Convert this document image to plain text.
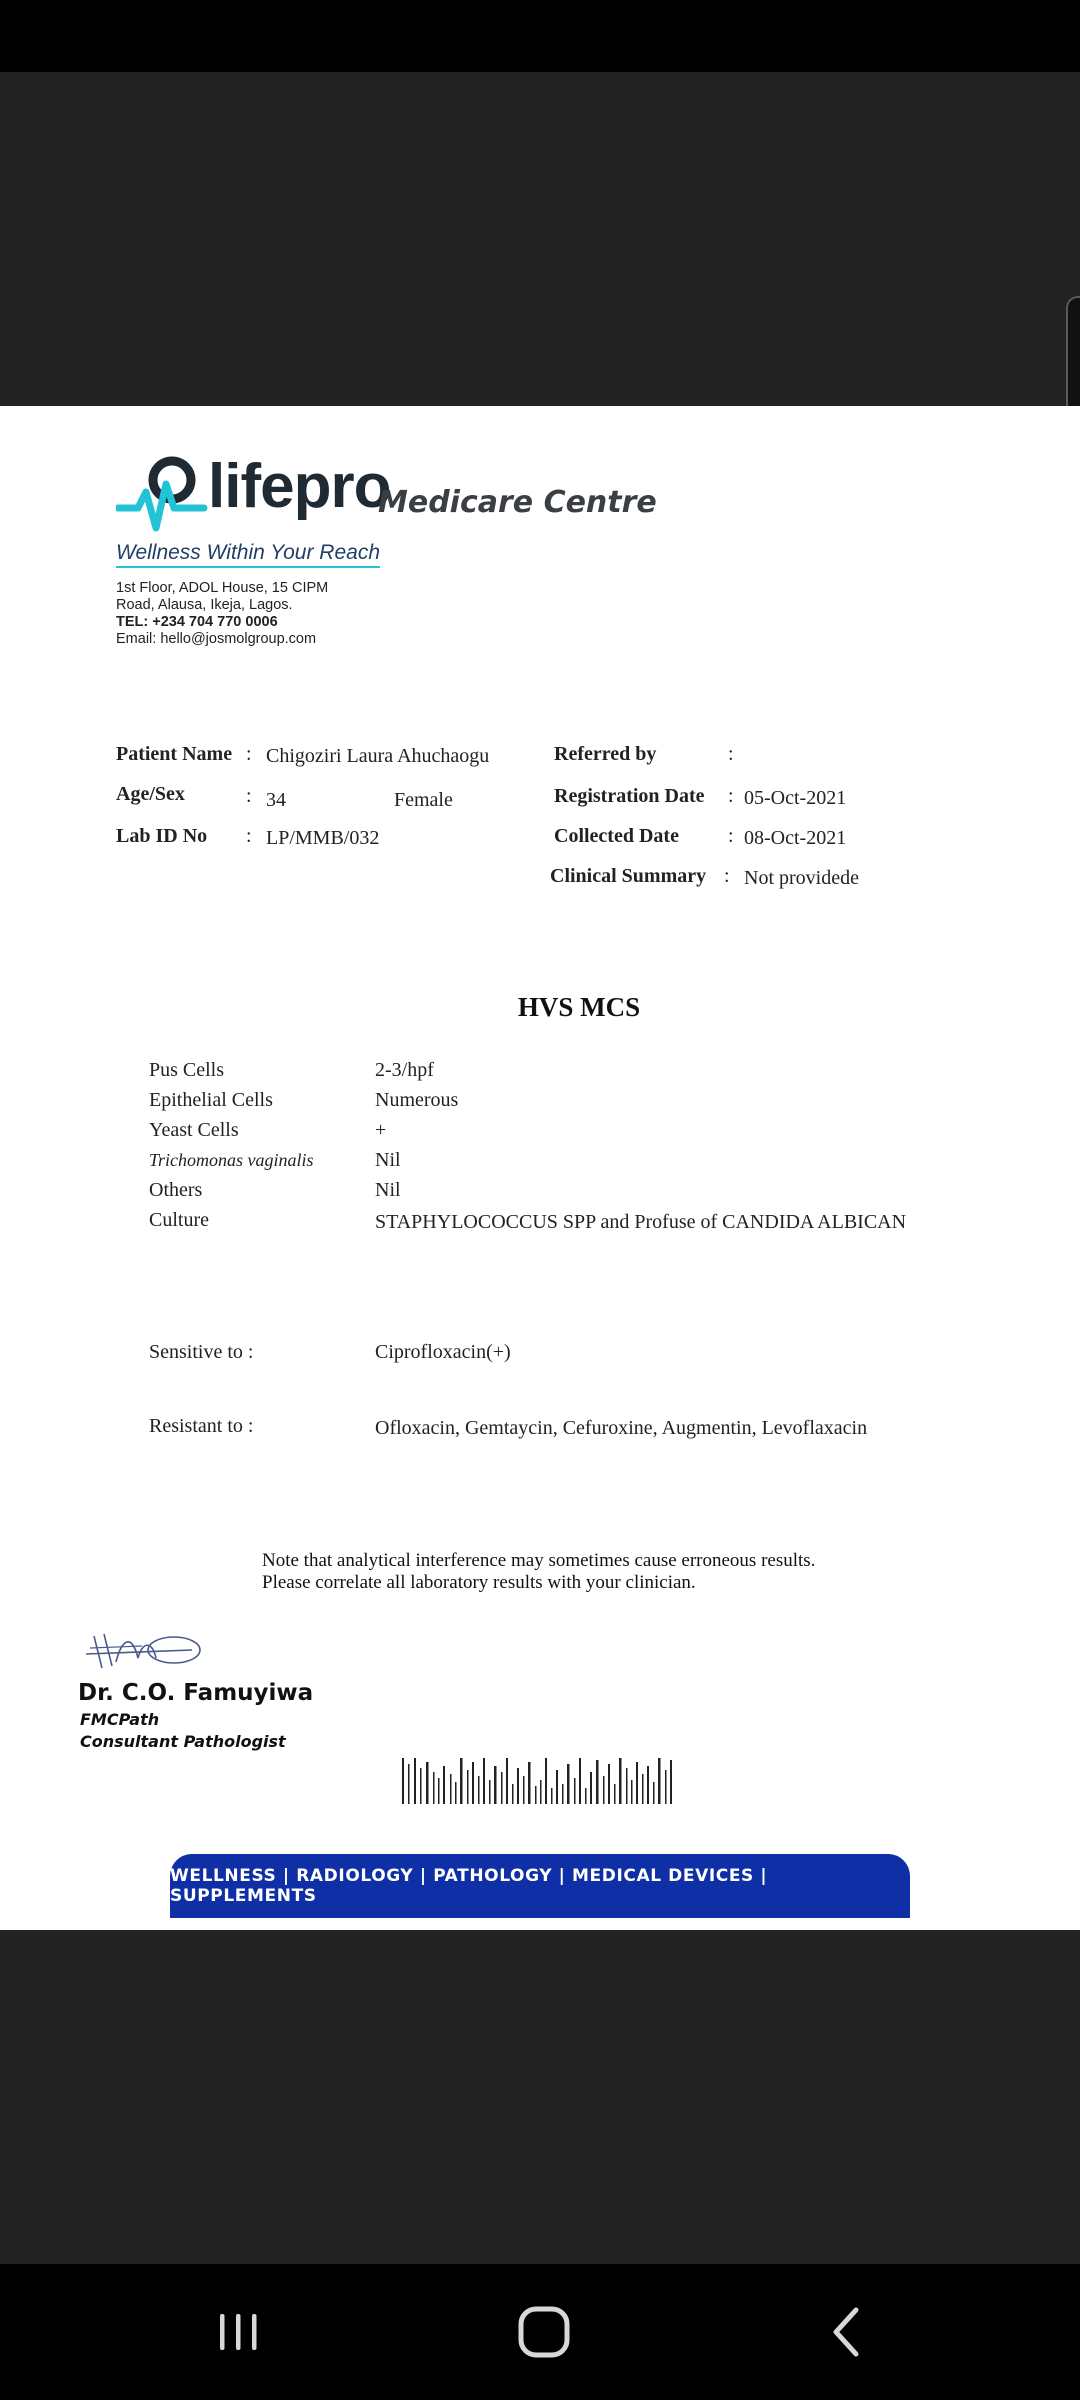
lifepro
Medicare Centre
Wellness Within Your Reach
1st Floor, ADOL House, 15 CIPM
Road, Alausa, Ikeja, Lagos.
TEL: +234 704 770 0006
Email: hello@josmolgroup.com
Patient Name : Chigoziri Laura Ahuchaogu
Age/Sex	: 34	Female
Lab ID No : LP/MMB/032
Referred by	:
Registration Date : 05-Oct-2021
Collected Date : 08-Oct-2021
Clinical Summary : Not providede
HVS MCS
Pus Cells	2-3/hpf
Epithelial Cells	Numerous
Yeast Cells	+
Trichomonas vaginalis	Nil
Others	Nil
Culture	STAPHYLOCOCCUS SPP and Profuse of CANDIDA ALBICAN
Sensitive to :	Ciprofloxacin(+)
Resistant to :	Ofloxacin, Gemtaycin, Cefuroxine, Augmentin, Levoflaxacin
Note that analytical interference may sometimes cause erroneous results.
Please correlate all laboratory results with your clinician.
Dr. C.O. Famuyiwa
FMCPath
Consultant Pathologist
WELLNESS | RADIOLOGY | PATHOLOGY | MEDICAL DEVICES | SUPPLEMENTS
